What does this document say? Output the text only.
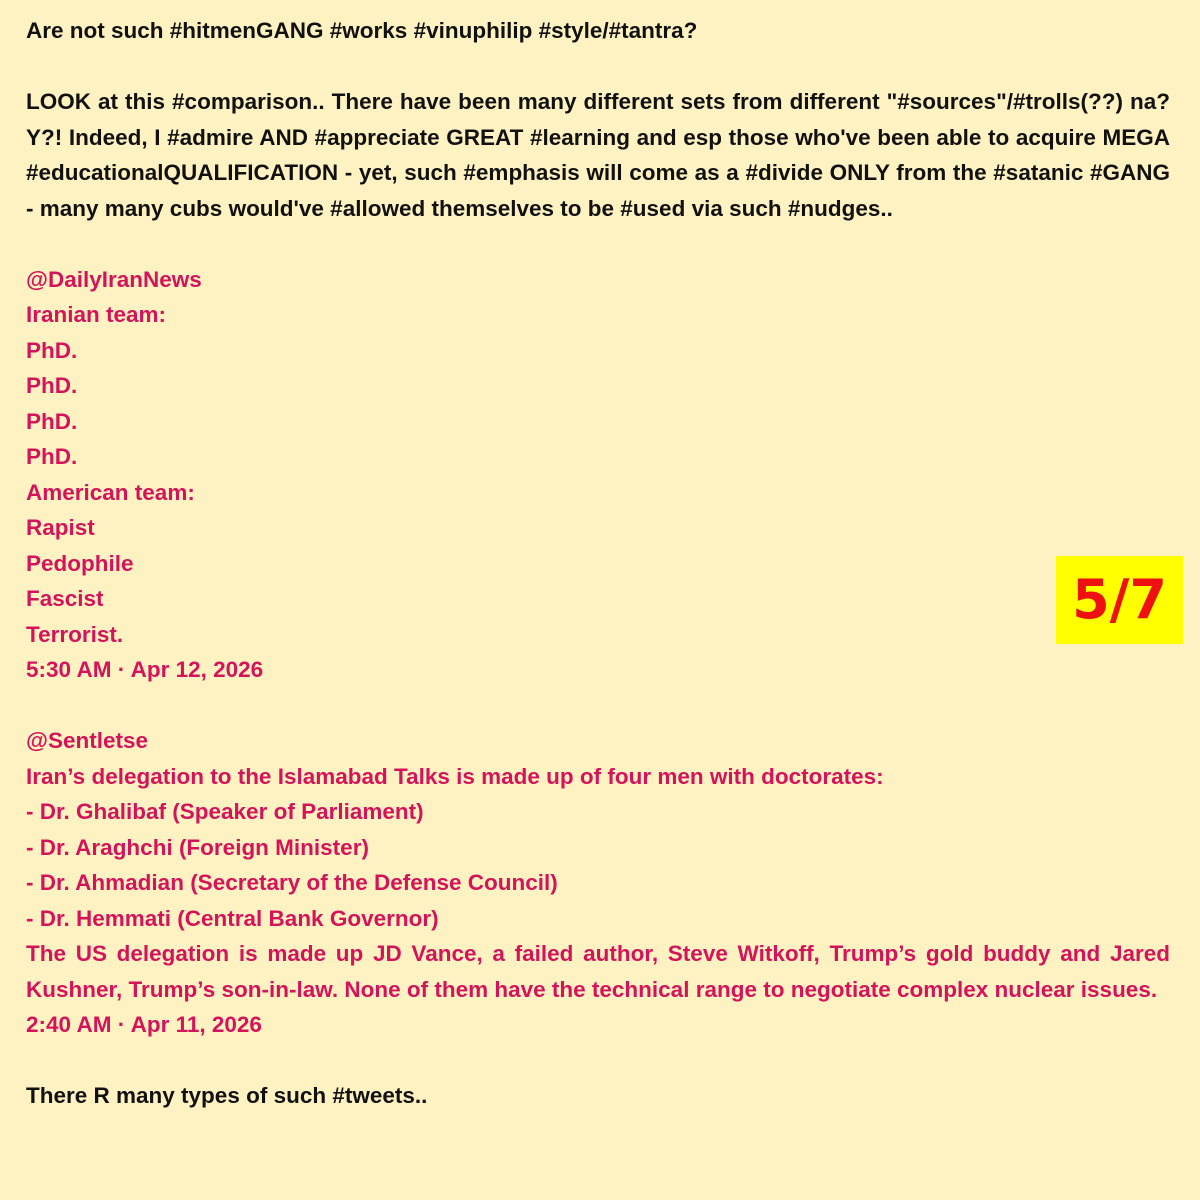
Are not such #hitmenGANG #works #vinuphilip #style/#tantra?

LOOK at this #comparison.. There have been many different sets from different "#sources"/#trolls(??) na? Y?! Indeed, I #admire AND #appreciate GREAT #learning and esp those who've been able to acquire MEGA #educationalQUALIFICATION - yet, such #emphasis will come as a #divide ONLY from the #satanic #GANG - many many cubs would've #allowed themselves to be #used via such #nudges..

@DailyIranNews

Iranian team:

PhD.

PhD.

PhD.

PhD.

American team:

Rapist

Pedophile

Fascist

Terrorist.

5:30 AM · Apr 12, 2026

@Sentletse

Iran’s delegation to the Islamabad Talks is made up of four men with doctorates:

- Dr. Ghalibaf (Speaker of Parliament)

- Dr. Araghchi (Foreign Minister)

- Dr. Ahmadian (Secretary of the Defense Council)

- Dr. Hemmati (Central Bank Governor)

The US delegation is made up JD Vance, a failed author, Steve Witkoff, Trump’s gold buddy and Jared Kushner, Trump’s son-in-law. None of them have the technical range to negotiate complex nuclear issues.

2:40 AM · Apr 11, 2026

There R many types of such #tweets..

5/7
